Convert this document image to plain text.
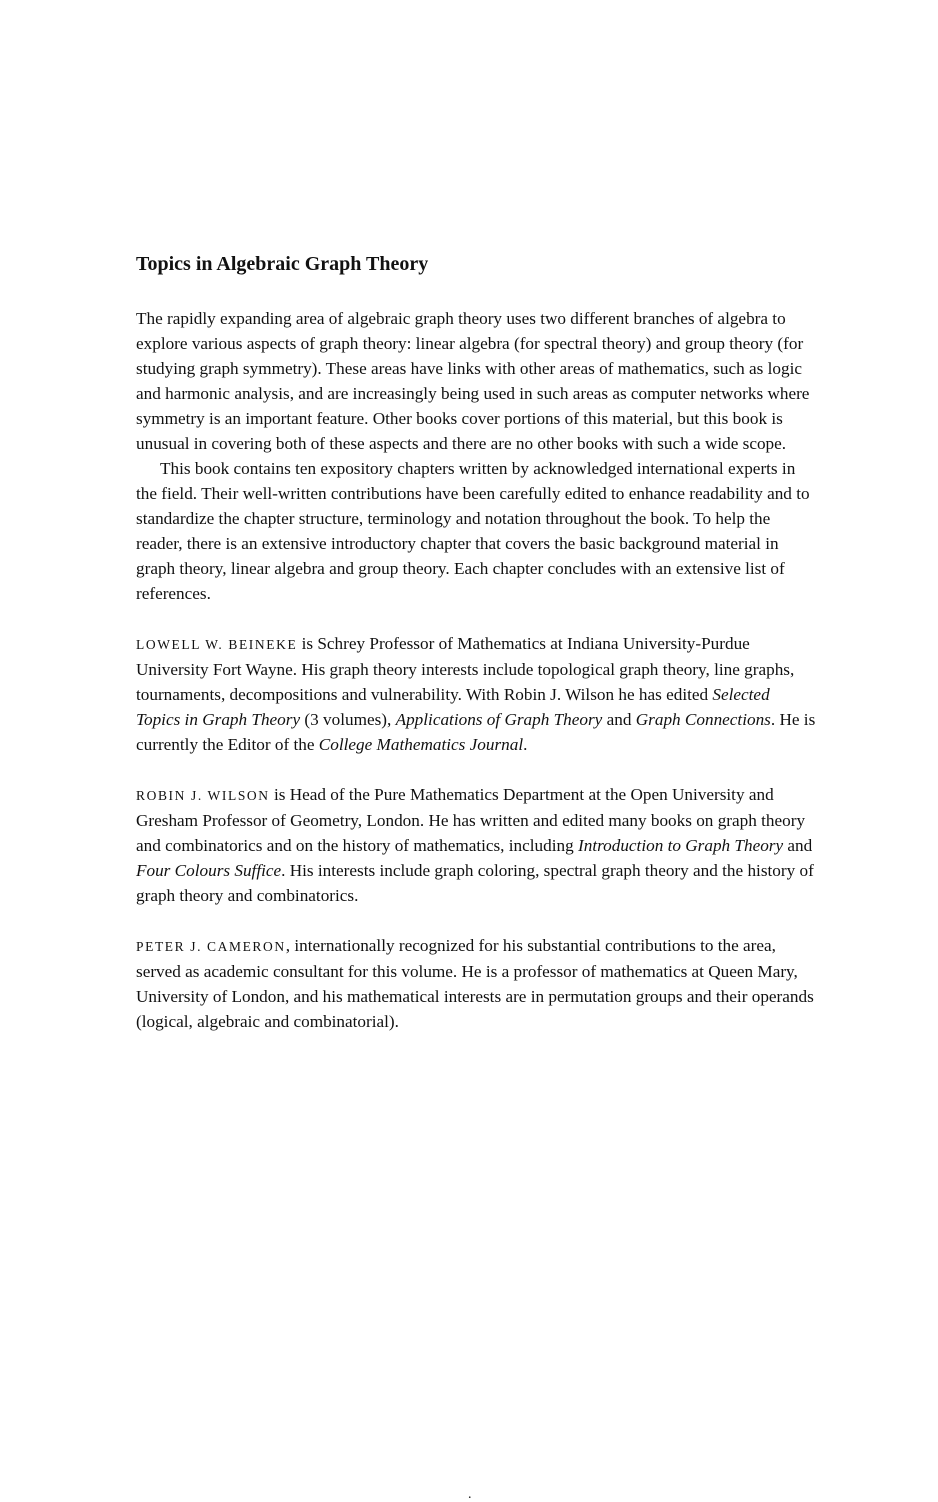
Topics in Algebraic Graph Theory

The rapidly expanding area of algebraic graph theory uses two different branches of algebra to explore various aspects of graph theory: linear algebra (for spectral theory) and group theory (for studying graph symmetry). These areas have links with other areas of mathematics, such as logic and harmonic analysis, and are increasingly being used in such areas as computer networks where symmetry is an important feature. Other books cover portions of this material, but this book is unusual in covering both of these aspects and there are no other books with such a wide scope.

This book contains ten expository chapters written by acknowledged international experts in the field. Their well-written contributions have been carefully edited to enhance readability and to standardize the chapter structure, terminology and notation throughout the book. To help the reader, there is an extensive introductory chapter that covers the basic background material in graph theory, linear algebra and group theory. Each chapter concludes with an extensive list of references.

LOWELL W. BEINEKE is Schrey Professor of Mathematics at Indiana University-Purdue University Fort Wayne. His graph theory interests include topological graph theory, line graphs, tournaments, decompositions and vulnerability. With Robin J. Wilson he has edited Selected Topics in Graph Theory (3 volumes), Applications of Graph Theory and Graph Connections. He is currently the Editor of the College Mathematics Journal.

ROBIN J. WILSON is Head of the Pure Mathematics Department at the Open University and Gresham Professor of Geometry, London. He has written and edited many books on graph theory and combinatorics and on the history of mathematics, including Introduction to Graph Theory and Four Colours Suffice. His interests include graph coloring, spectral graph theory and the history of graph theory and combinatorics.

PETER J. CAMERON, internationally recognized for his substantial contributions to the area, served as academic consultant for this volume. He is a professor of mathematics at Queen Mary, University of London, and his mathematical interests are in permutation groups and their operands (logical, algebraic and combinatorial).

.
